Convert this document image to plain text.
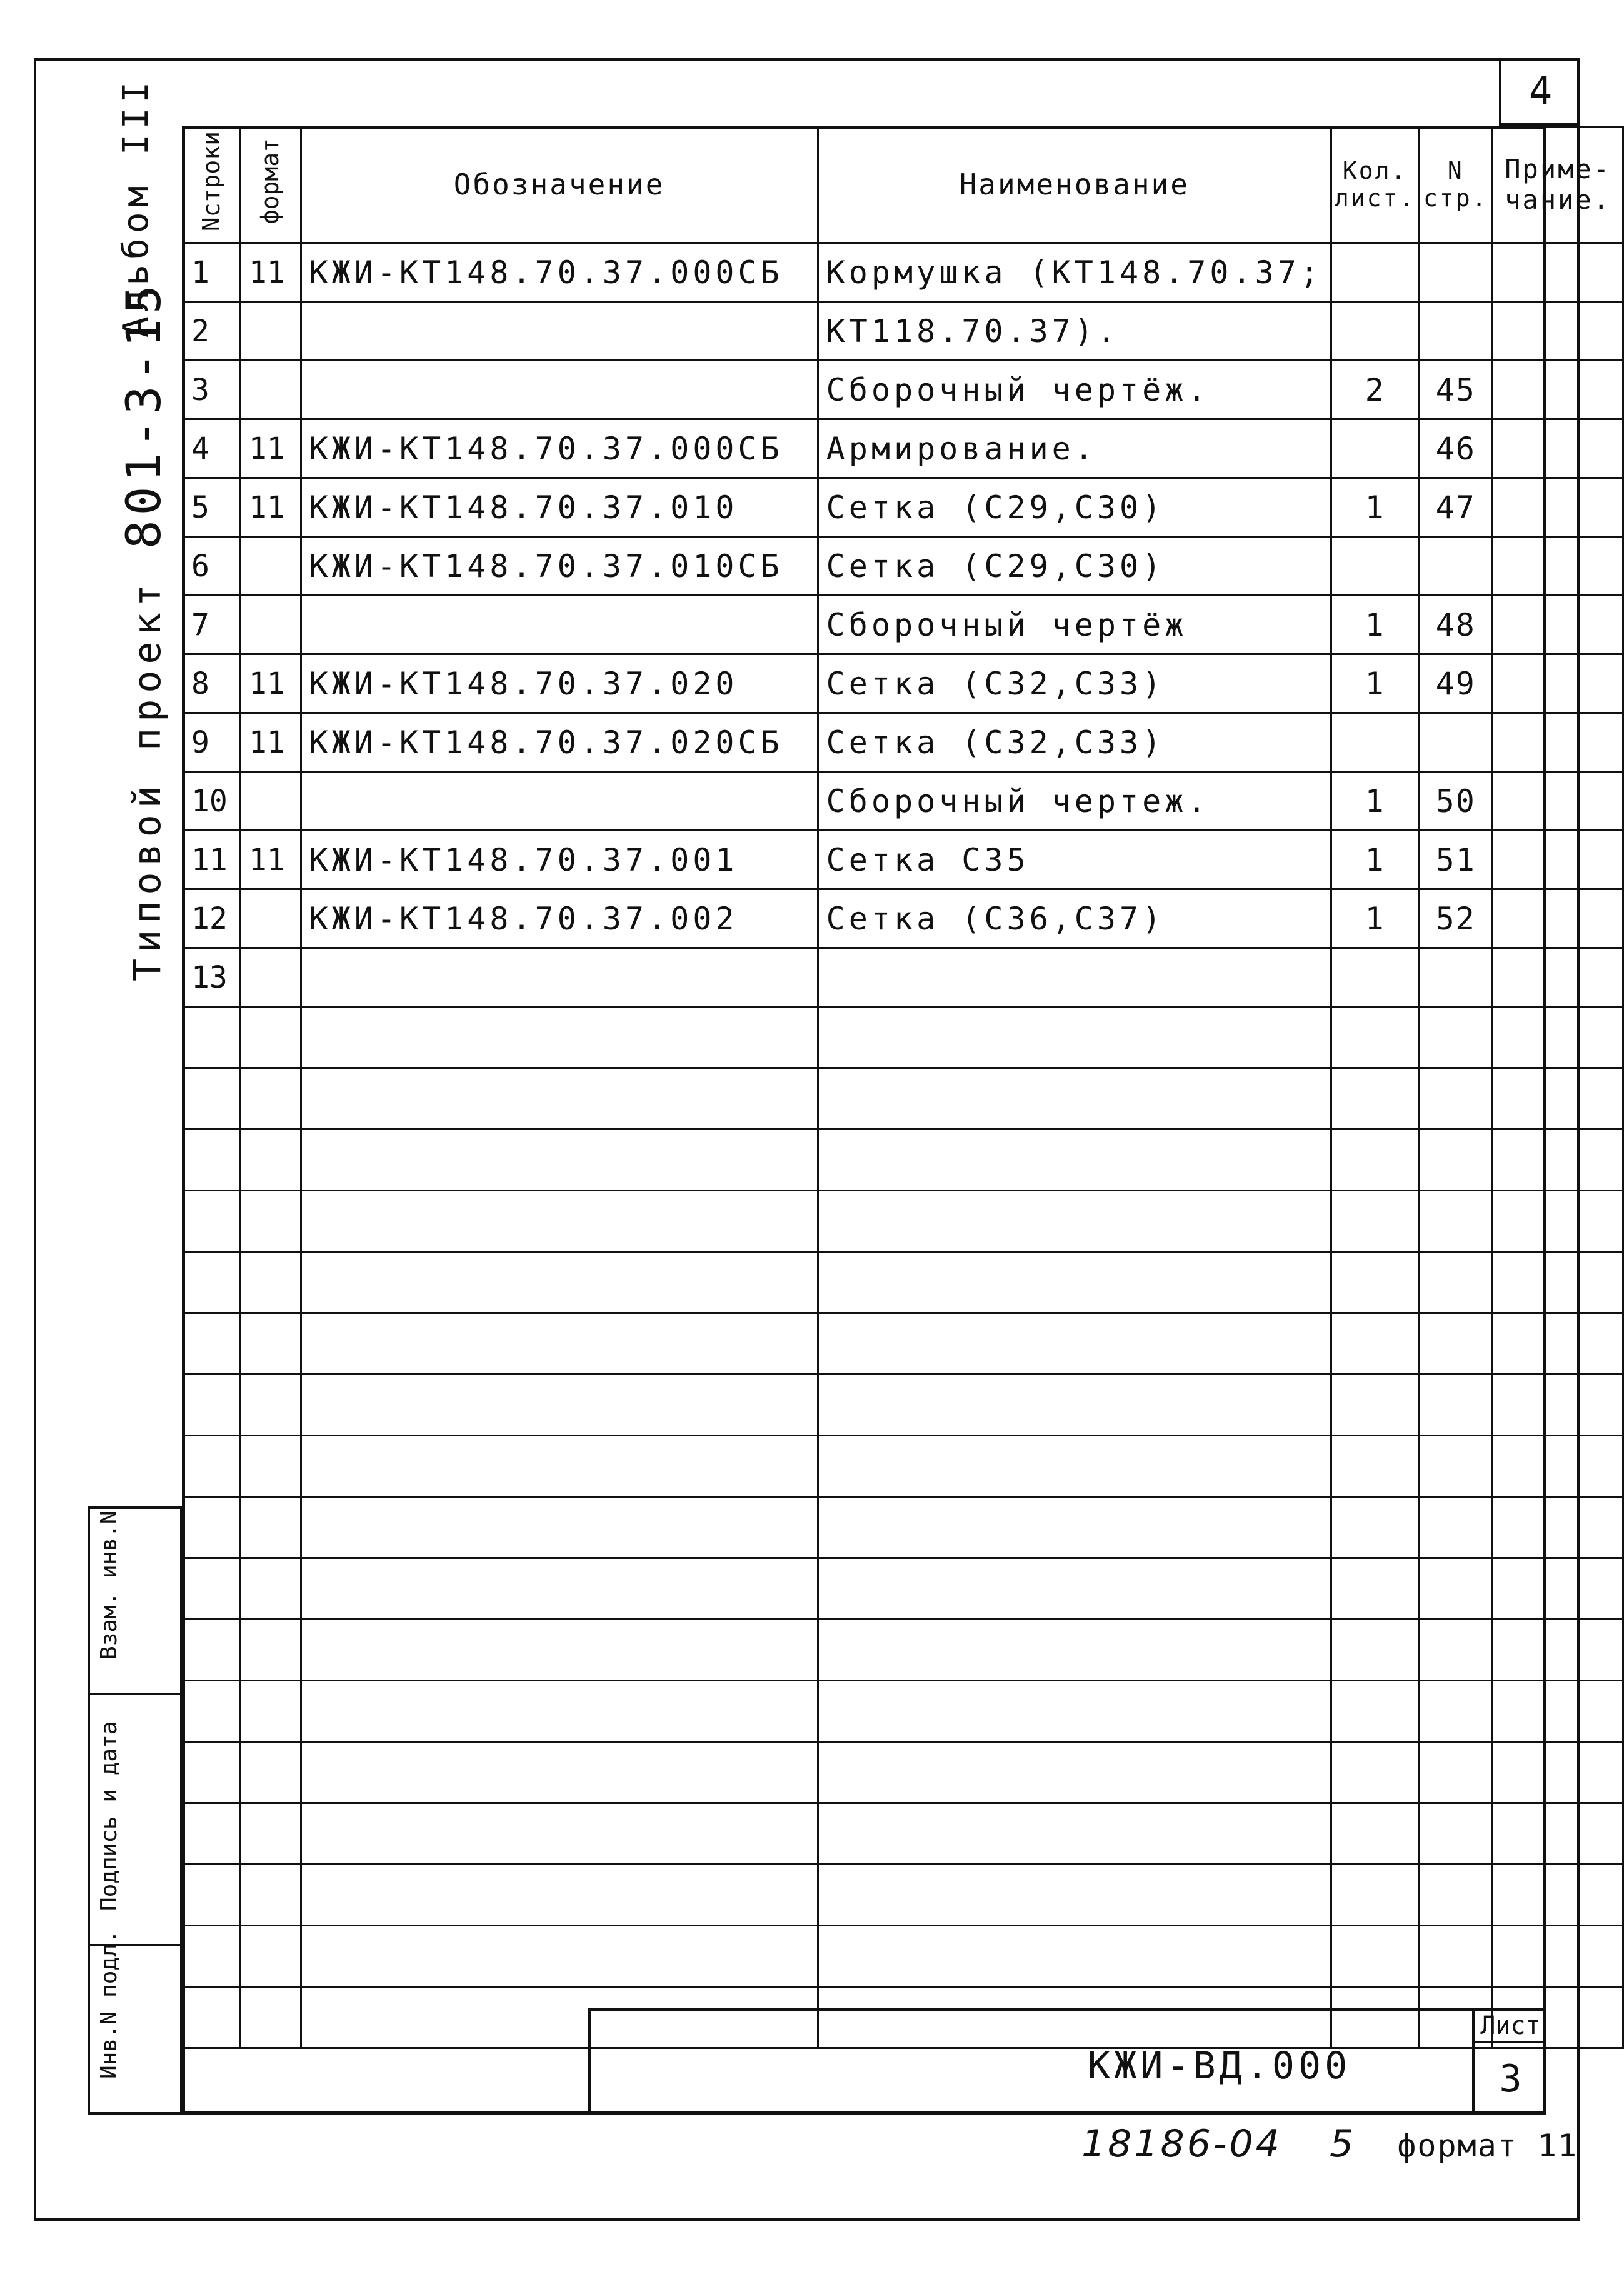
4
Альбом III
Типовой проект 801-3-15
Nстроки	формат	Обозначение	Наименование	Кол. лист.	N стр.	Приме- чание.
1	11	КЖИ-КТ148.70.37.000СБ	Кормушка (КТ148.70.37;			
2			КТ118.70.37).			
3			Сборочный чертёж.	2	45	
4	11	КЖИ-КТ148.70.37.000СБ	Армирование.		46	
5	11	КЖИ-КТ148.70.37.010	Сетка (С29,С30)	1	47	
6		КЖИ-КТ148.70.37.010СБ	Сетка (С29,С30)			
7			Сборочный чертёж	1	48	
8	11	КЖИ-КТ148.70.37.020	Сетка (С32,С33)	1	49	
9	11	КЖИ-КТ148.70.37.020СБ	Сетка (С32,С33)			
10			Сборочный чертеж.	1	50	
11	11	КЖИ-КТ148.70.37.001	Сетка С35	1	51	
12		КЖИ-КТ148.70.37.002	Сетка (С36,С37)	1	52	
13						

Взам. инв.N
Подпись и дата
Инв.N подл.	КЖИ-ВД.000
Лист
3
18186-04 5 формат 11
